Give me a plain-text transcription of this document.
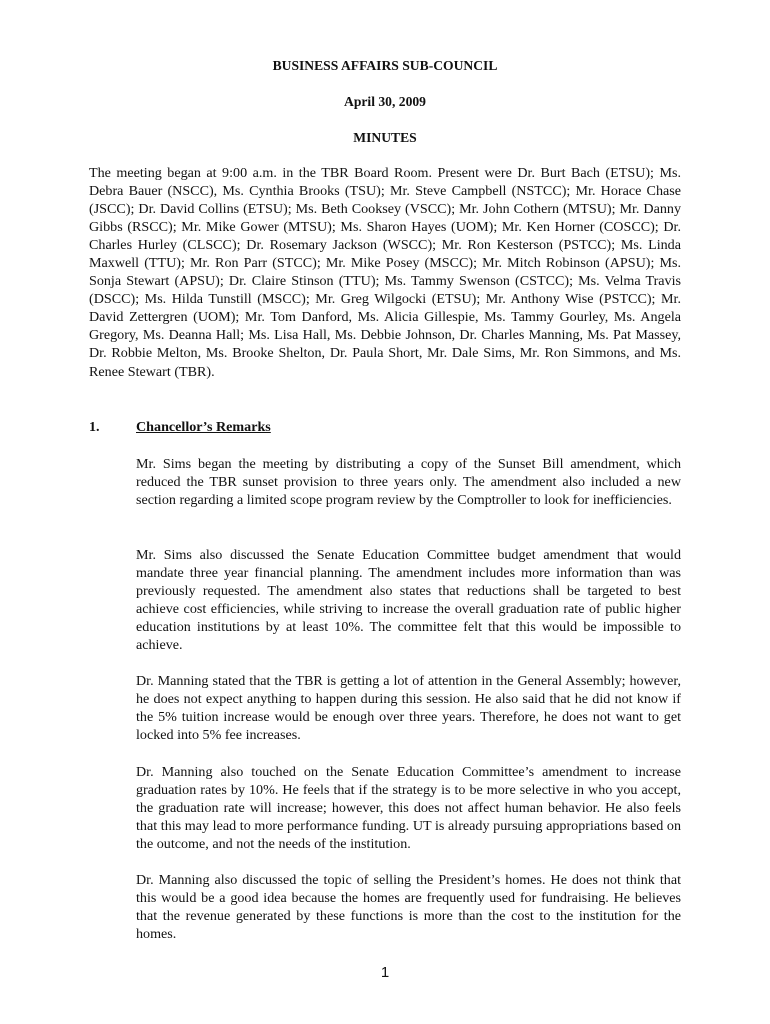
BUSINESS AFFAIRS SUB-COUNCIL
April 30, 2009
MINUTES

The meeting began at 9:00 a.m. in the TBR Board Room. Present were Dr. Burt Bach (ETSU); Ms. Debra Bauer (NSCC), Ms. Cynthia Brooks (TSU); Mr. Steve Campbell (NSTCC); Mr. Horace Chase (JSCC); Dr. David Collins (ETSU); Ms. Beth Cooksey (VSCC); Mr. John Cothern (MTSU); Mr. Danny Gibbs (RSCC); Mr. Mike Gower (MTSU); Ms. Sharon Hayes (UOM); Mr. Ken Horner (COSCC); Dr. Charles Hurley (CLSCC); Dr. Rosemary Jackson (WSCC); Mr. Ron Kesterson (PSTCC); Ms. Linda Maxwell (TTU); Mr. Ron Parr (STCC); Mr. Mike Posey (MSCC); Mr. Mitch Robinson (APSU); Ms. Sonja Stewart (APSU); Dr. Claire Stinson (TTU); Ms. Tammy Swenson (CSTCC); Ms. Velma Travis (DSCC); Ms. Hilda Tunstill (MSCC); Mr. Greg Wilgocki (ETSU); Mr. Anthony Wise (PSTCC); Mr. David Zettergren (UOM); Mr. Tom Danford, Ms. Alicia Gillespie, Ms. Tammy Gourley, Ms. Angela Gregory, Ms. Deanna Hall; Ms. Lisa Hall, Ms. Debbie Johnson, Dr. Charles Manning, Ms. Pat Massey, Dr. Robbie Melton, Ms. Brooke Shelton, Dr. Paula Short, Mr. Dale Sims, Mr. Ron Simmons, and Ms. Renee Stewart (TBR).

1.	Chancellor’s Remarks

Mr. Sims began the meeting by distributing a copy of the Sunset Bill amendment, which reduced the TBR sunset provision to three years only. The amendment also included a new section regarding a limited scope program review by the Comptroller to look for inefficiencies.

Mr. Sims also discussed the Senate Education Committee budget amendment that would mandate three year financial planning. The amendment includes more information than was previously requested. The amendment also states that reductions shall be targeted to best achieve cost efficiencies, while striving to increase the overall graduation rate of public higher education institutions by at least 10%. The committee felt that this would be impossible to achieve.

Dr. Manning stated that the TBR is getting a lot of attention in the General Assembly; however, he does not expect anything to happen during this session. He also said that he did not know if the 5% tuition increase would be enough over three years. Therefore, he does not want to get locked into 5% fee increases.

Dr. Manning also touched on the Senate Education Committee’s amendment to increase graduation rates by 10%. He feels that if the strategy is to be more selective in who you accept, the graduation rate will increase; however, this does not affect human behavior. He also feels that this may lead to more performance funding. UT is already pursuing appropriations based on the outcome, and not the needs of the institution.

Dr. Manning also discussed the topic of selling the President’s homes. He does not think that this would be a good idea because the homes are frequently used for fundraising. He believes that the revenue generated by these functions is more than the cost to the institution for the homes.

1
